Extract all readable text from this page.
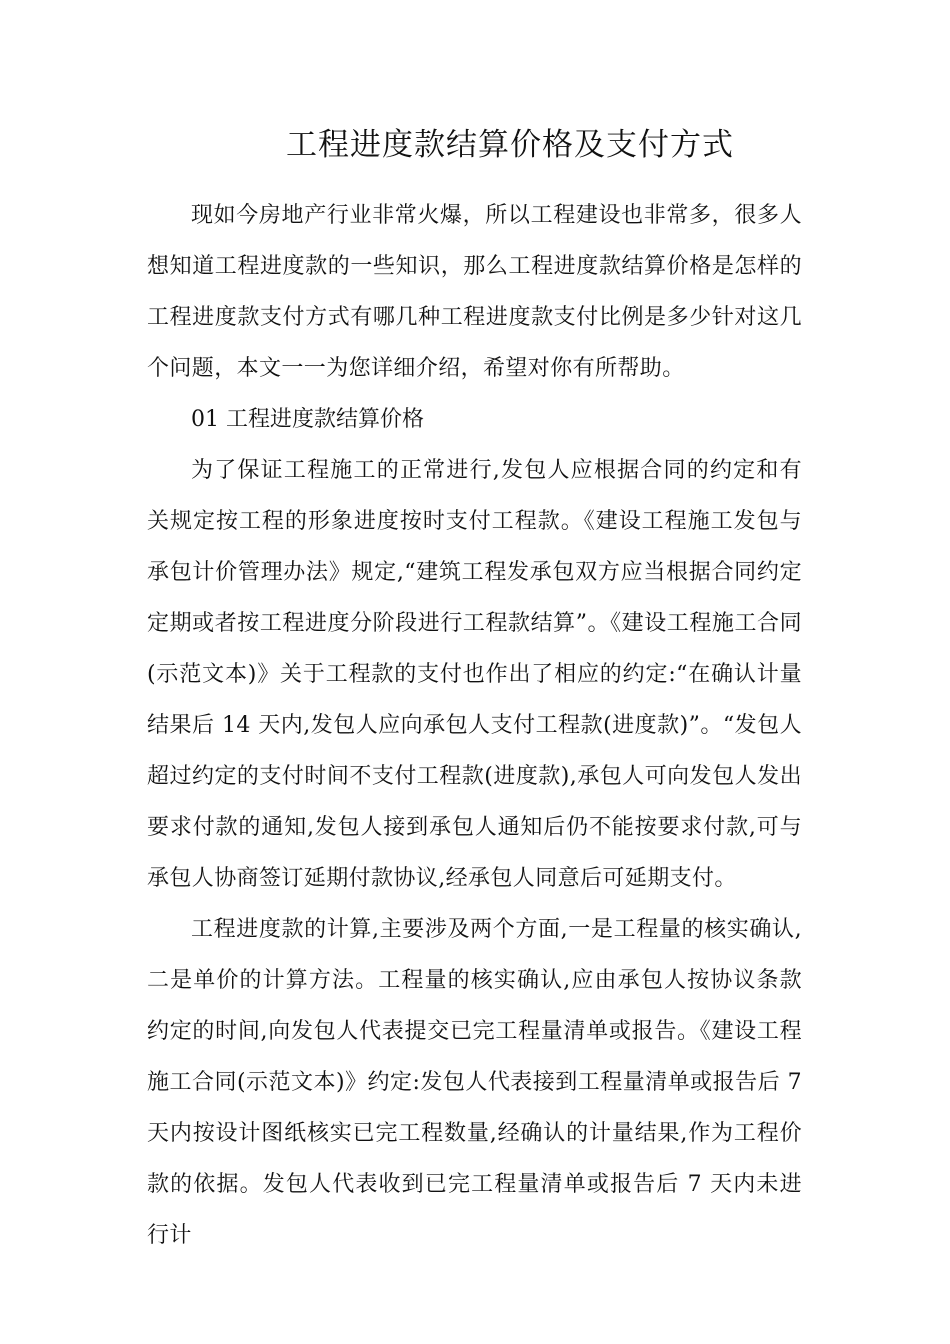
工程进度款结算价格及支付方式

现如今房地产行业非常火爆，所以工程建设也非常多，很多人想知道工程进度款的一些知识，那么工程进度款结算价格是怎样的工程进度款支付方式有哪几种工程进度款支付比例是多少针对这几个问题，本文一一为您详细介绍，希望对你有所帮助。

01 工程进度款结算价格

为了保证工程施工的正常进行,发包人应根据合同的约定和有关规定按工程的形象进度按时支付工程款。《建设工程施工发包与承包计价管理办法》规定,“建筑工程发承包双方应当根据合同约定定期或者按工程进度分阶段进行工程款结算”。《建设工程施工合同(示范文本)》关于工程款的支付也作出了相应的约定:“在确认计量结果后 14 天内,发包人应向承包人支付工程款(进度款)”。“发包人超过约定的支付时间不支付工程款(进度款),承包人可向发包人发出要求付款的通知,发包人接到承包人通知后仍不能按要求付款,可与承包人协商签订延期付款协议,经承包人同意后可延期支付。

工程进度款的计算,主要涉及两个方面,一是工程量的核实确认,二是单价的计算方法。工程量的核实确认,应由承包人按协议条款约定的时间,向发包人代表提交已完工程量清单或报告。《建设工程施工合同(示范文本)》约定:发包人代表接到工程量清单或报告后 7 天内按设计图纸核实已完工程数量,经确认的计量结果,作为工程价款的依据。发包人代表收到已完工程量清单或报告后 7 天内未进行计
